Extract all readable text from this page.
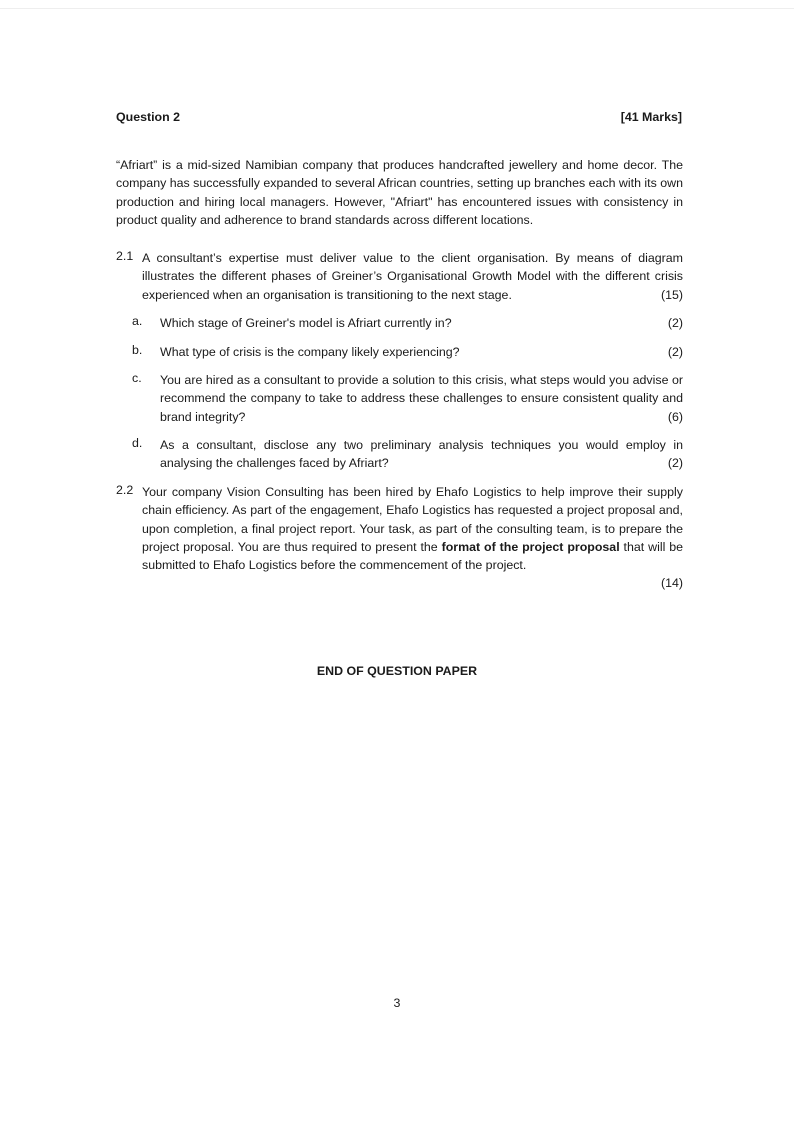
Question 2	[41 Marks]
“Afriart” is a mid-sized Namibian company that produces handcrafted jewellery and home decor. The company has successfully expanded to several African countries, setting up branches each with its own production and hiring local managers. However, "Afriart" has encountered issues with consistency in product quality and adherence to brand standards across different locations.
2.1 A consultant’s expertise must deliver value to the client organisation. By means of diagram illustrates the different phases of Greiner’s Organisational Growth Model with the different crisis experienced when an organisation is transitioning to the next stage.	(15)
a. Which stage of Greiner's model is Afriart currently in?	(2)
b. What type of crisis is the company likely experiencing?	(2)
c. You are hired as a consultant to provide a solution to this crisis, what steps would you advise or recommend the company to take to address these challenges to ensure consistent quality and brand integrity?	(6)
d. As a consultant, disclose any two preliminary analysis techniques you would employ in analysing the challenges faced by Afriart?	(2)
2.2 Your company Vision Consulting has been hired by Ehafo Logistics to help improve their supply chain efficiency. As part of the engagement, Ehafo Logistics has requested a project proposal and, upon completion, a final project report. Your task, as part of the consulting team, is to prepare the project proposal. You are thus required to present the format of the project proposal that will be submitted to Ehafo Logistics before the commencement of the project.
(14)
END OF QUESTION PAPER
3
